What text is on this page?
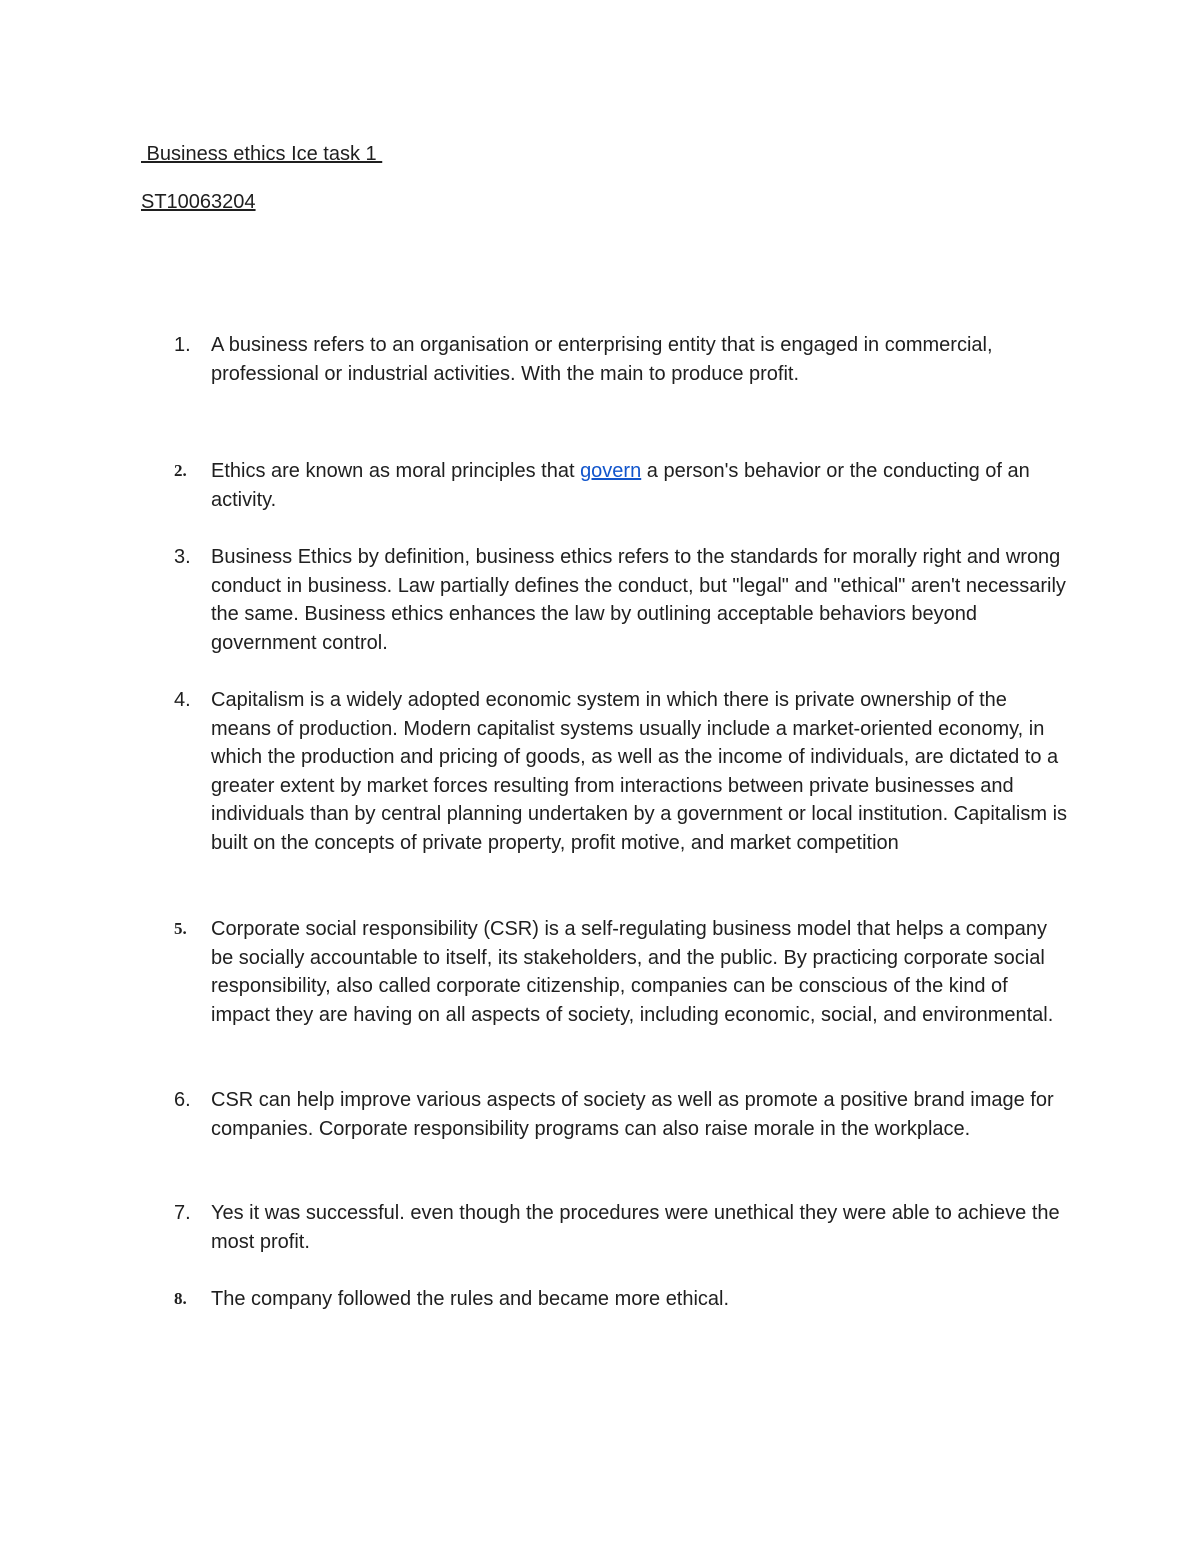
Business ethics Ice task 1
ST10063204
1.	A business refers to an organisation or enterprising entity that is engaged in commercial, professional or industrial activities. With the main to produce profit.
2.	Ethics are known as moral principles that govern a person's behavior or the conducting of an activity.
3.	Business Ethics by definition, business ethics refers to the standards for morally right and wrong conduct in business. Law partially defines the conduct, but "legal" and "ethical" aren't necessarily the same. Business ethics enhances the law by outlining acceptable behaviors beyond government control.
4.	Capitalism is a widely adopted economic system in which there is private ownership of the means of production. Modern capitalist systems usually include a market-oriented economy, in which the production and pricing of goods, as well as the income of individuals, are dictated to a greater extent by market forces resulting from interactions between private businesses and individuals than by central planning undertaken by a government or local institution. Capitalism is built on the concepts of private property, profit motive, and market competition
5.	Corporate social responsibility (CSR) is a self-regulating business model that helps a company be socially accountable to itself, its stakeholders, and the public. By practicing corporate social responsibility, also called corporate citizenship, companies can be conscious of the kind of impact they are having on all aspects of society, including economic, social, and environmental.
6.	CSR can help improve various aspects of society as well as promote a positive brand image for companies. Corporate responsibility programs can also raise morale in the workplace.
7.	Yes it was successful. even though the procedures were unethical they were able to achieve the most profit.
8.	The company followed the rules and became more ethical.
